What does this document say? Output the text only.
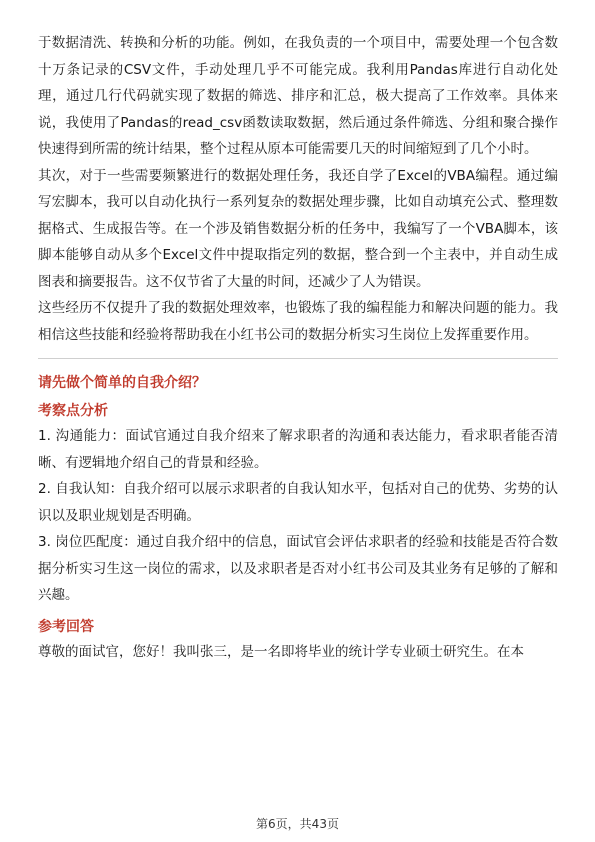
于数据清洗、转换和分析的功能。例如，在我负责的一个项目中，需要处理一个包含数十万条记录的CSV文件，手动处理几乎不可能完成。我利用Pandas库进行自动化处理，通过几行代码就实现了数据的筛选、排序和汇总，极大提高了工作效率。具体来说，我使用了Pandas的read_csv函数读取数据，然后通过条件筛选、分组和聚合操作快速得到所需的统计结果，整个过程从原本可能需要几天的时间缩短到了几个小时。

其次，对于一些需要频繁进行的数据处理任务，我还自学了Excel的VBA编程。通过编写宏脚本，我可以自动化执行一系列复杂的数据处理步骤，比如自动填充公式、整理数据格式、生成报告等。在一个涉及销售数据分析的任务中，我编写了一个VBA脚本，该脚本能够自动从多个Excel文件中提取指定列的数据，整合到一个主表中，并自动生成图表和摘要报告。这不仅节省了大量的时间，还减少了人为错误。

这些经历不仅提升了我的数据处理效率，也锻炼了我的编程能力和解决问题的能力。我相信这些技能和经验将帮助我在小红书公司的数据分析实习生岗位上发挥重要作用。

请先做个简单的自我介绍？

考察点分析

1. 沟通能力：面试官通过自我介绍来了解求职者的沟通和表达能力，看求职者能否清晰、有逻辑地介绍自己的背景和经验。

2. 自我认知：自我介绍可以展示求职者的自我认知水平，包括对自己的优势、劣势的认识以及职业规划是否明确。

3. 岗位匹配度：通过自我介绍中的信息，面试官会评估求职者的经验和技能是否符合数据分析实习生这一岗位的需求，以及求职者是否对小红书公司及其业务有足够的了解和兴趣。

参考回答

尊敬的面试官，您好！我叫张三，是一名即将毕业的统计学专业硕士研究生。在本

第6页，共43页
